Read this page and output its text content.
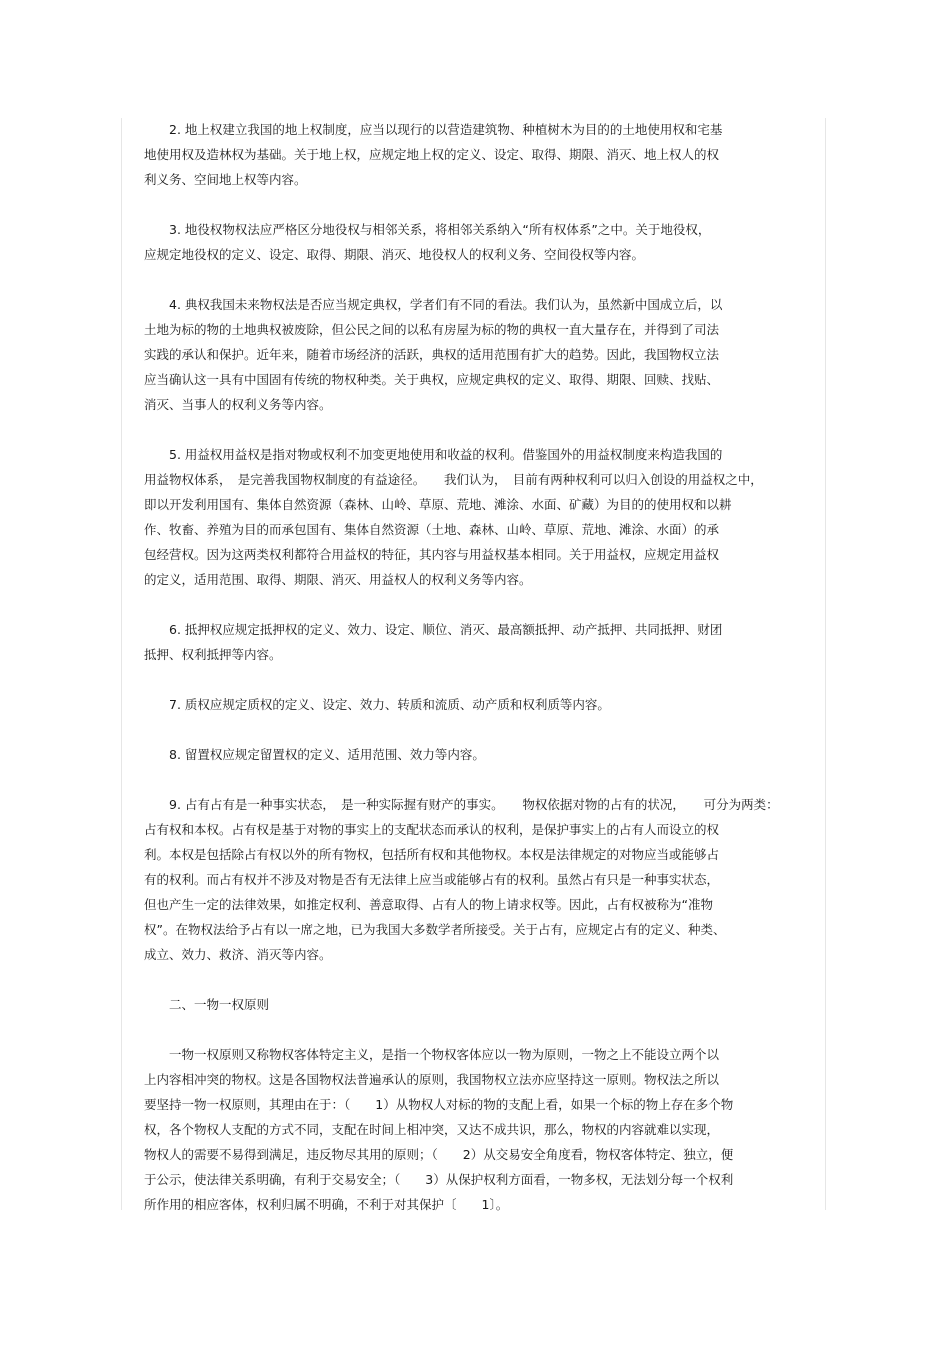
　　2. 地上权建立我国的地上权制度，应当以现行的以营造建筑物、种植树木为目的的土地使用权和宅基
地使用权及造林权为基础。关于地上权，应规定地上权的定义、设定、取得、期限、消灭、地上权人的权
利义务、空间地上权等内容。
　　3. 地役权物权法应严格区分地役权与相邻关系，将相邻关系纳入“所有权体系”之中。关于地役权，
应规定地役权的定义、设定、取得、期限、消灭、地役权人的权利义务、空间役权等内容。
　　4. 典权我国未来物权法是否应当规定典权，学者们有不同的看法。我们认为，虽然新中国成立后，以
土地为标的物的土地典权被废除，但公民之间的以私有房屋为标的物的典权一直大量存在，并得到了司法
实践的承认和保护。近年来，随着市场经济的活跃，典权的适用范围有扩大的趋势。因此，我国物权立法
应当确认这一具有中国固有传统的物权种类。关于典权，应规定典权的定义、取得、期限、回赎、找贴、
消灭、当事人的权利义务等内容。
　　5. 用益权用益权是指对物或权利不加变更地使用和收益的权利。借鉴国外的用益权制度来构造我国的
用益物权体系，　是完善我国物权制度的有益途径。　　我们认为，　目前有两种权利可以归入创设的用益权之中，
即以开发利用国有、集体自然资源（森林、山岭、草原、荒地、滩涂、水面、矿藏）为目的的使用权和以耕
作、牧畜、养殖为目的而承包国有、集体自然资源（土地、森林、山岭、草原、荒地、滩涂、水面）的承
包经营权。因为这两类权利都符合用益权的特征，其内容与用益权基本相同。关于用益权，应规定用益权
的定义，适用范围、取得、期限、消灭、用益权人的权利义务等内容。
　　6. 抵押权应规定抵押权的定义、效力、设定、顺位、消灭、最高额抵押、动产抵押、共同抵押、财团
抵押、权利抵押等内容。
　　7. 质权应规定质权的定义、设定、效力、转质和流质、动产质和权利质等内容。
　　8. 留置权应规定留置权的定义、适用范围、效力等内容。
　　9. 占有占有是一种事实状态，　是一种实际握有财产的事实。　　物权依据对物的占有的状况，　　可分为两类：
占有权和本权。占有权是基于对物的事实上的支配状态而承认的权利，是保护事实上的占有人而设立的权
利。本权是包括除占有权以外的所有物权，包括所有权和其他物权。本权是法律规定的对物应当或能够占
有的权利。而占有权并不涉及对物是否有无法律上应当或能够占有的权利。虽然占有只是一种事实状态，
但也产生一定的法律效果，如推定权利、善意取得、占有人的物上请求权等。因此，占有权被称为“准物
权”。在物权法给予占有以一席之地，已为我国大多数学者所接受。关于占有，应规定占有的定义、种类、
成立、效力、救济、消灭等内容。
　　二、一物一权原则
　　一物一权原则又称物权客体特定主义，是指一个物权客体应以一物为原则，一物之上不能设立两个以
上内容相冲突的物权。这是各国物权法普遍承认的原则，我国物权立法亦应坚持这一原则。物权法之所以
要坚持一物一权原则，其理由在于：（　　1）从物权人对标的物的支配上看，如果一个标的物上存在多个物
权，各个物权人支配的方式不同，支配在时间上相冲突，又达不成共识，那么，物权的内容就难以实现，
物权人的需要不易得到满足，违反物尽其用的原则；（　　2）从交易安全角度看，物权客体特定、独立，便
于公示，使法律关系明确，有利于交易安全；（　　3）从保护权利方面看，一物多权，无法划分每一个权利
所作用的相应客体，权利归属不明确，不利于对其保护〔　　1〕。
